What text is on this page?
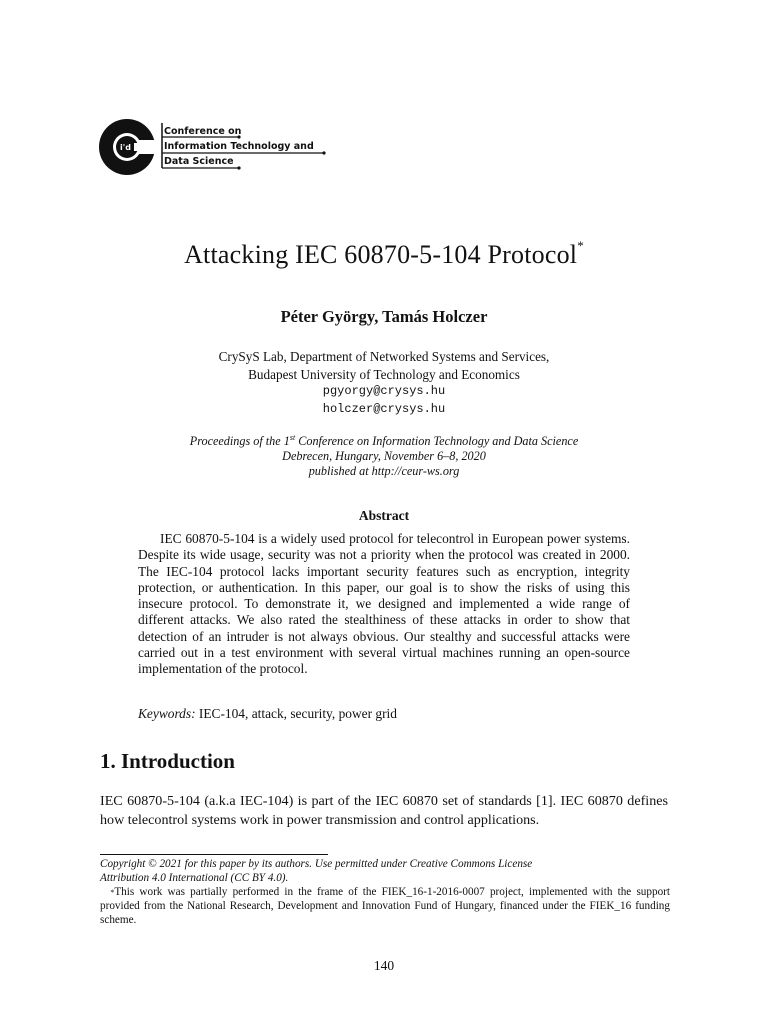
i'd
Conference on
Information Technology and
Data Science
Attacking IEC 60870-5-104 Protocol*
Péter György, Tamás Holczer
CrySyS Lab, Department of Networked Systems and Services,
Budapest University of Technology and Economics
pgyorgy@crysys.hu
holczer@crysys.hu
Proceedings of the 1st Conference on Information Technology and Data Science
Debrecen, Hungary, November 6–8, 2020
published at http://ceur-ws.org
Abstract
IEC 60870-5-104 is a widely used protocol for telecontrol in European power systems. Despite its wide usage, security was not a priority when the protocol was created in 2000. The IEC-104 protocol lacks important security features such as encryption, integrity protection, or authentication. In this paper, our goal is to show the risks of using this insecure protocol. To demonstrate it, we designed and implemented a wide range of different attacks. We also rated the stealthiness of these attacks in order to show that detection of an intruder is not always obvious. Our stealthy and successful attacks were carried out in a test environment with several virtual machines running an open-source implementation of the protocol.
Keywords: IEC-104, attack, security, power grid
1. Introduction
IEC 60870-5-104 (a.k.a IEC-104) is part of the IEC 60870 set of standards [1]. IEC 60870 defines how telecontrol systems work in power transmission and control applications.
Copyright © 2021 for this paper by its authors. Use permitted under Creative Commons License
Attribution 4.0 International (CC BY 4.0).
*This work was partially performed in the frame of the FIEK_16-1-2016-0007 project, implemented with the support provided from the National Research, Development and Innovation Fund of Hungary, financed under the FIEK_16 funding scheme.
140
